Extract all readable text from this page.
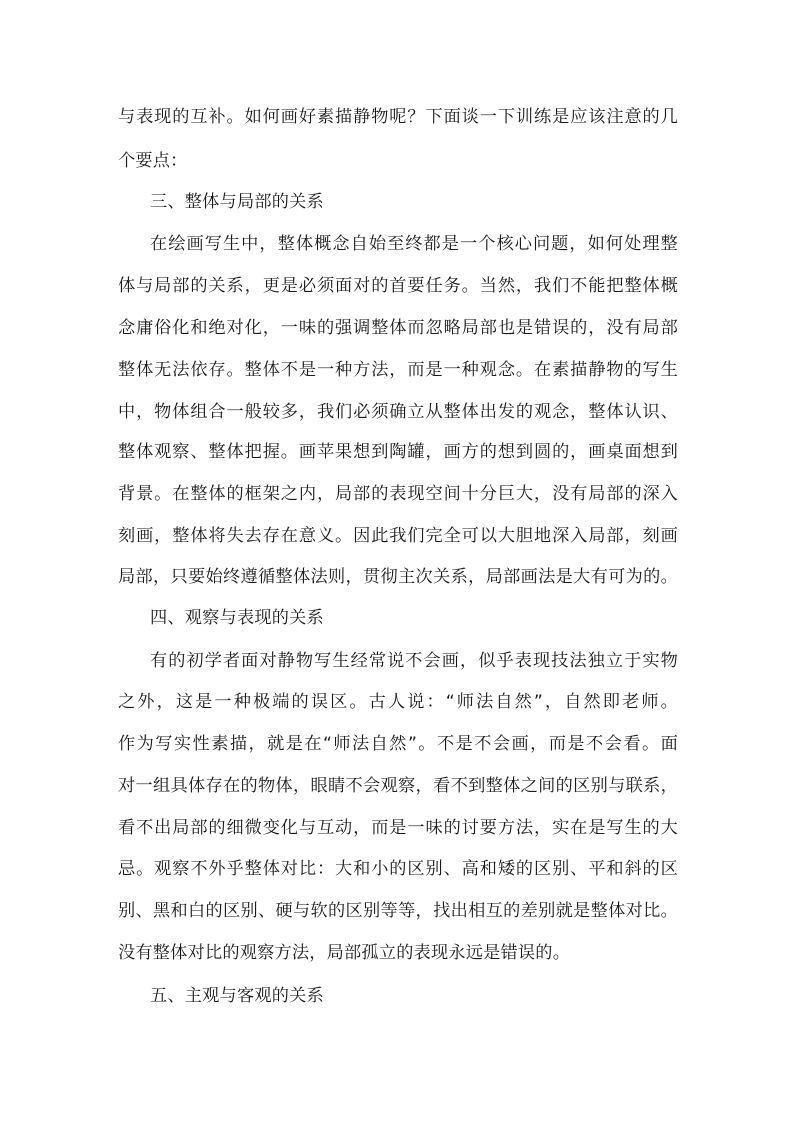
与表现的互补。如何画好素描静物呢？下面谈一下训练是应该注意的几
个要点：
三、整体与局部的关系
在绘画写生中，整体概念自始至终都是一个核心问题，如何处理整
体与局部的关系，更是必须面对的首要任务。当然，我们不能把整体概
念庸俗化和绝对化，一味的强调整体而忽略局部也是错误的，没有局部
整体无法依存。整体不是一种方法，而是一种观念。在素描静物的写生
中，物体组合一般较多，我们必须确立从整体出发的观念，整体认识、
整体观察、整体把握。画苹果想到陶罐，画方的想到圆的，画桌面想到
背景。在整体的框架之内，局部的表现空间十分巨大，没有局部的深入
刻画，整体将失去存在意义。因此我们完全可以大胆地深入局部，刻画
局部，只要始终遵循整体法则，贯彻主次关系，局部画法是大有可为的。
四、观察与表现的关系
有的初学者面对静物写生经常说不会画，似乎表现技法独立于实物
之外，这是一种极端的误区。古人说：“师法自然”，自然即老师。
作为写实性素描，就是在“师法自然”。不是不会画，而是不会看。面
对一组具体存在的物体，眼睛不会观察，看不到整体之间的区别与联系，
看不出局部的细微变化与互动，而是一味的讨要方法，实在是写生的大
忌。观察不外乎整体对比：大和小的区别、高和矮的区别、平和斜的区
别、黑和白的区别、硬与软的区别等等，找出相互的差别就是整体对比。
没有整体对比的观察方法，局部孤立的表现永远是错误的。
五、主观与客观的关系
